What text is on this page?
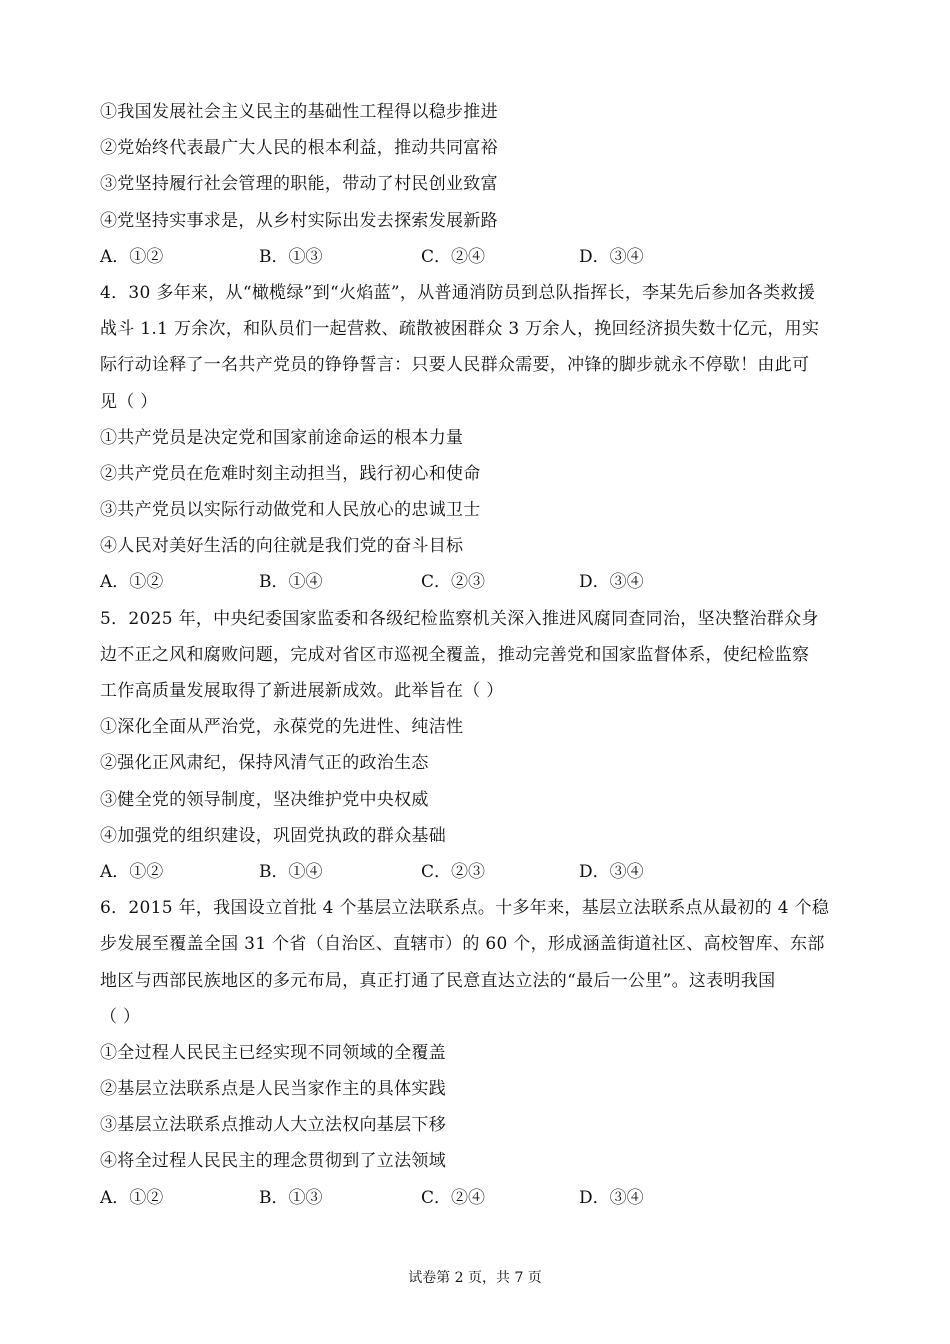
①我国发展社会主义民主的基础性工程得以稳步推进
②党始终代表最广大人民的根本利益，推动共同富裕
③党坚持履行社会管理的职能，带动了村民创业致富
④党坚持实事求是，从乡村实际出发去探索发展新路
A．①②	B．①③	C．②④	D．③④
4．30 多年来，从“橄榄绿”到“火焰蓝”，从普通消防员到总队指挥长，李某先后参加各类救援
战斗 1.1 万余次，和队员们一起营救、疏散被困群众 3 万余人，挽回经济损失数十亿元，用实
际行动诠释了一名共产党员的铮铮誓言：只要人民群众需要，冲锋的脚步就永不停歇！由此可
见（ ）
①共产党员是决定党和国家前途命运的根本力量
②共产党员在危难时刻主动担当，践行初心和使命
③共产党员以实际行动做党和人民放心的忠诚卫士
④人民对美好生活的向往就是我们党的奋斗目标
A．①②	B．①④	C．②③	D．③④
5．2025 年，中央纪委国家监委和各级纪检监察机关深入推进风腐同查同治，坚决整治群众身
边不正之风和腐败问题，完成对省区市巡视全覆盖，推动完善党和国家监督体系，使纪检监察
工作高质量发展取得了新进展新成效。此举旨在（ ）
①深化全面从严治党，永葆党的先进性、纯洁性
②强化正风肃纪，保持风清气正的政治生态
③健全党的领导制度，坚决维护党中央权威
④加强党的组织建设，巩固党执政的群众基础
A．①②	B．①④	C．②③	D．③④
6．2015 年，我国设立首批 4 个基层立法联系点。十多年来，基层立法联系点从最初的 4 个稳
步发展至覆盖全国 31 个省（自治区、直辖市）的 60 个，形成涵盖街道社区、高校智库、东部
地区与西部民族地区的多元布局，真正打通了民意直达立法的“最后一公里”。这表明我国
（ ）
①全过程人民民主已经实现不同领域的全覆盖
②基层立法联系点是人民当家作主的具体实践
③基层立法联系点推动人大立法权向基层下移
④将全过程人民民主的理念贯彻到了立法领域
A．①②	B．①③	C．②④	D．③④
试卷第 2 页，共 7 页
